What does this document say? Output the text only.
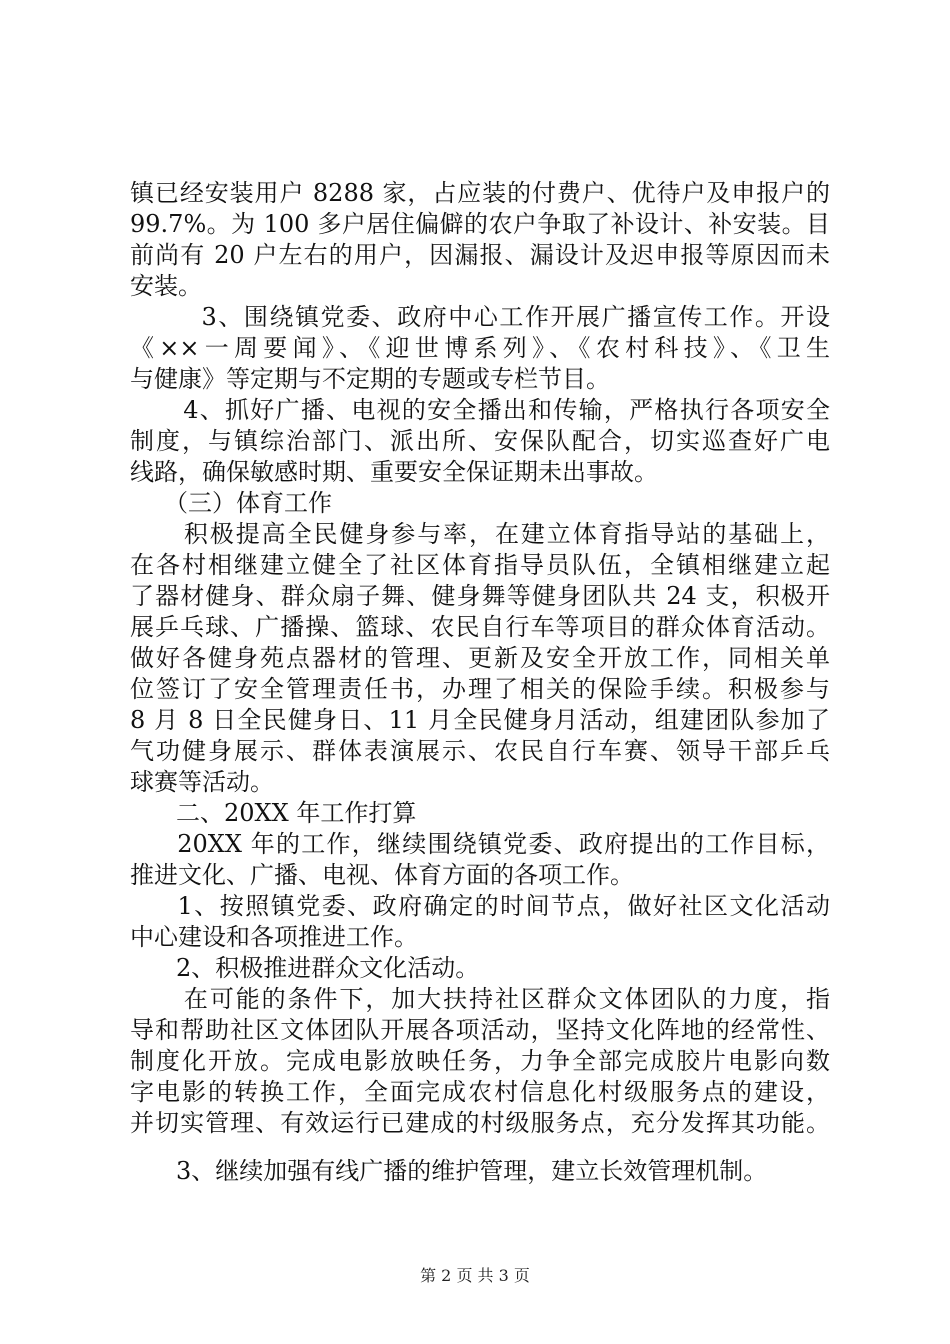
镇已经安装用户 8288 家，占应装的付费户、优待户及申报户的
99.7%。为 100 多户居住偏僻的农户争取了补设计、补安装。目
前尚有 20 户左右的用户，因漏报、漏设计及迟申报等原因而未
安装。
　3、围绕镇党委、政府中心工作开展广播宣传工作。开设
《××一周要闻》、《迎世博系列》、《农村科技》、《卫生
与健康》等定期与不定期的专题或专栏节目。
　4、抓好广播、电视的安全播出和传输，严格执行各项安全
制度，与镇综治部门、派出所、安保队配合，切实巡查好广电
线路，确保敏感时期、重要安全保证期未出事故。
　（三）体育工作
　积极提高全民健身参与率，在建立体育指导站的基础上，
在各村相继建立健全了社区体育指导员队伍，全镇相继建立起
了器材健身、群众扇子舞、健身舞等健身团队共 24 支，积极开
展乒乓球、广播操、篮球、农民自行车等项目的群众体育活动。
做好各健身苑点器材的管理、更新及安全开放工作，同相关单
位签订了安全管理责任书，办理了相关的保险手续。积极参与
8 月 8 日全民健身日、11 月全民健身月活动，组建团队参加了
气功健身展示、群体表演展示、农民自行车赛、领导干部乒乓
球赛等活动。
　二、20XX 年工作打算
　20XX 年的工作，继续围绕镇党委、政府提出的工作目标，
推进文化、广播、电视、体育方面的各项工作。
　1、按照镇党委、政府确定的时间节点，做好社区文化活动
中心建设和各项推进工作。
　2、积极推进群众文化活动。
　在可能的条件下，加大扶持社区群众文体团队的力度，指
导和帮助社区文体团队开展各项活动，坚持文化阵地的经常性、
制度化开放。完成电影放映任务，力争全部完成胶片电影向数
字电影的转换工作，全面完成农村信息化村级服务点的建设，
并切实管理、有效运行已建成的村级服务点，充分发挥其功能。
　3、继续加强有线广播的维护管理，建立长效管理机制。
第 2 页 共 3 页
